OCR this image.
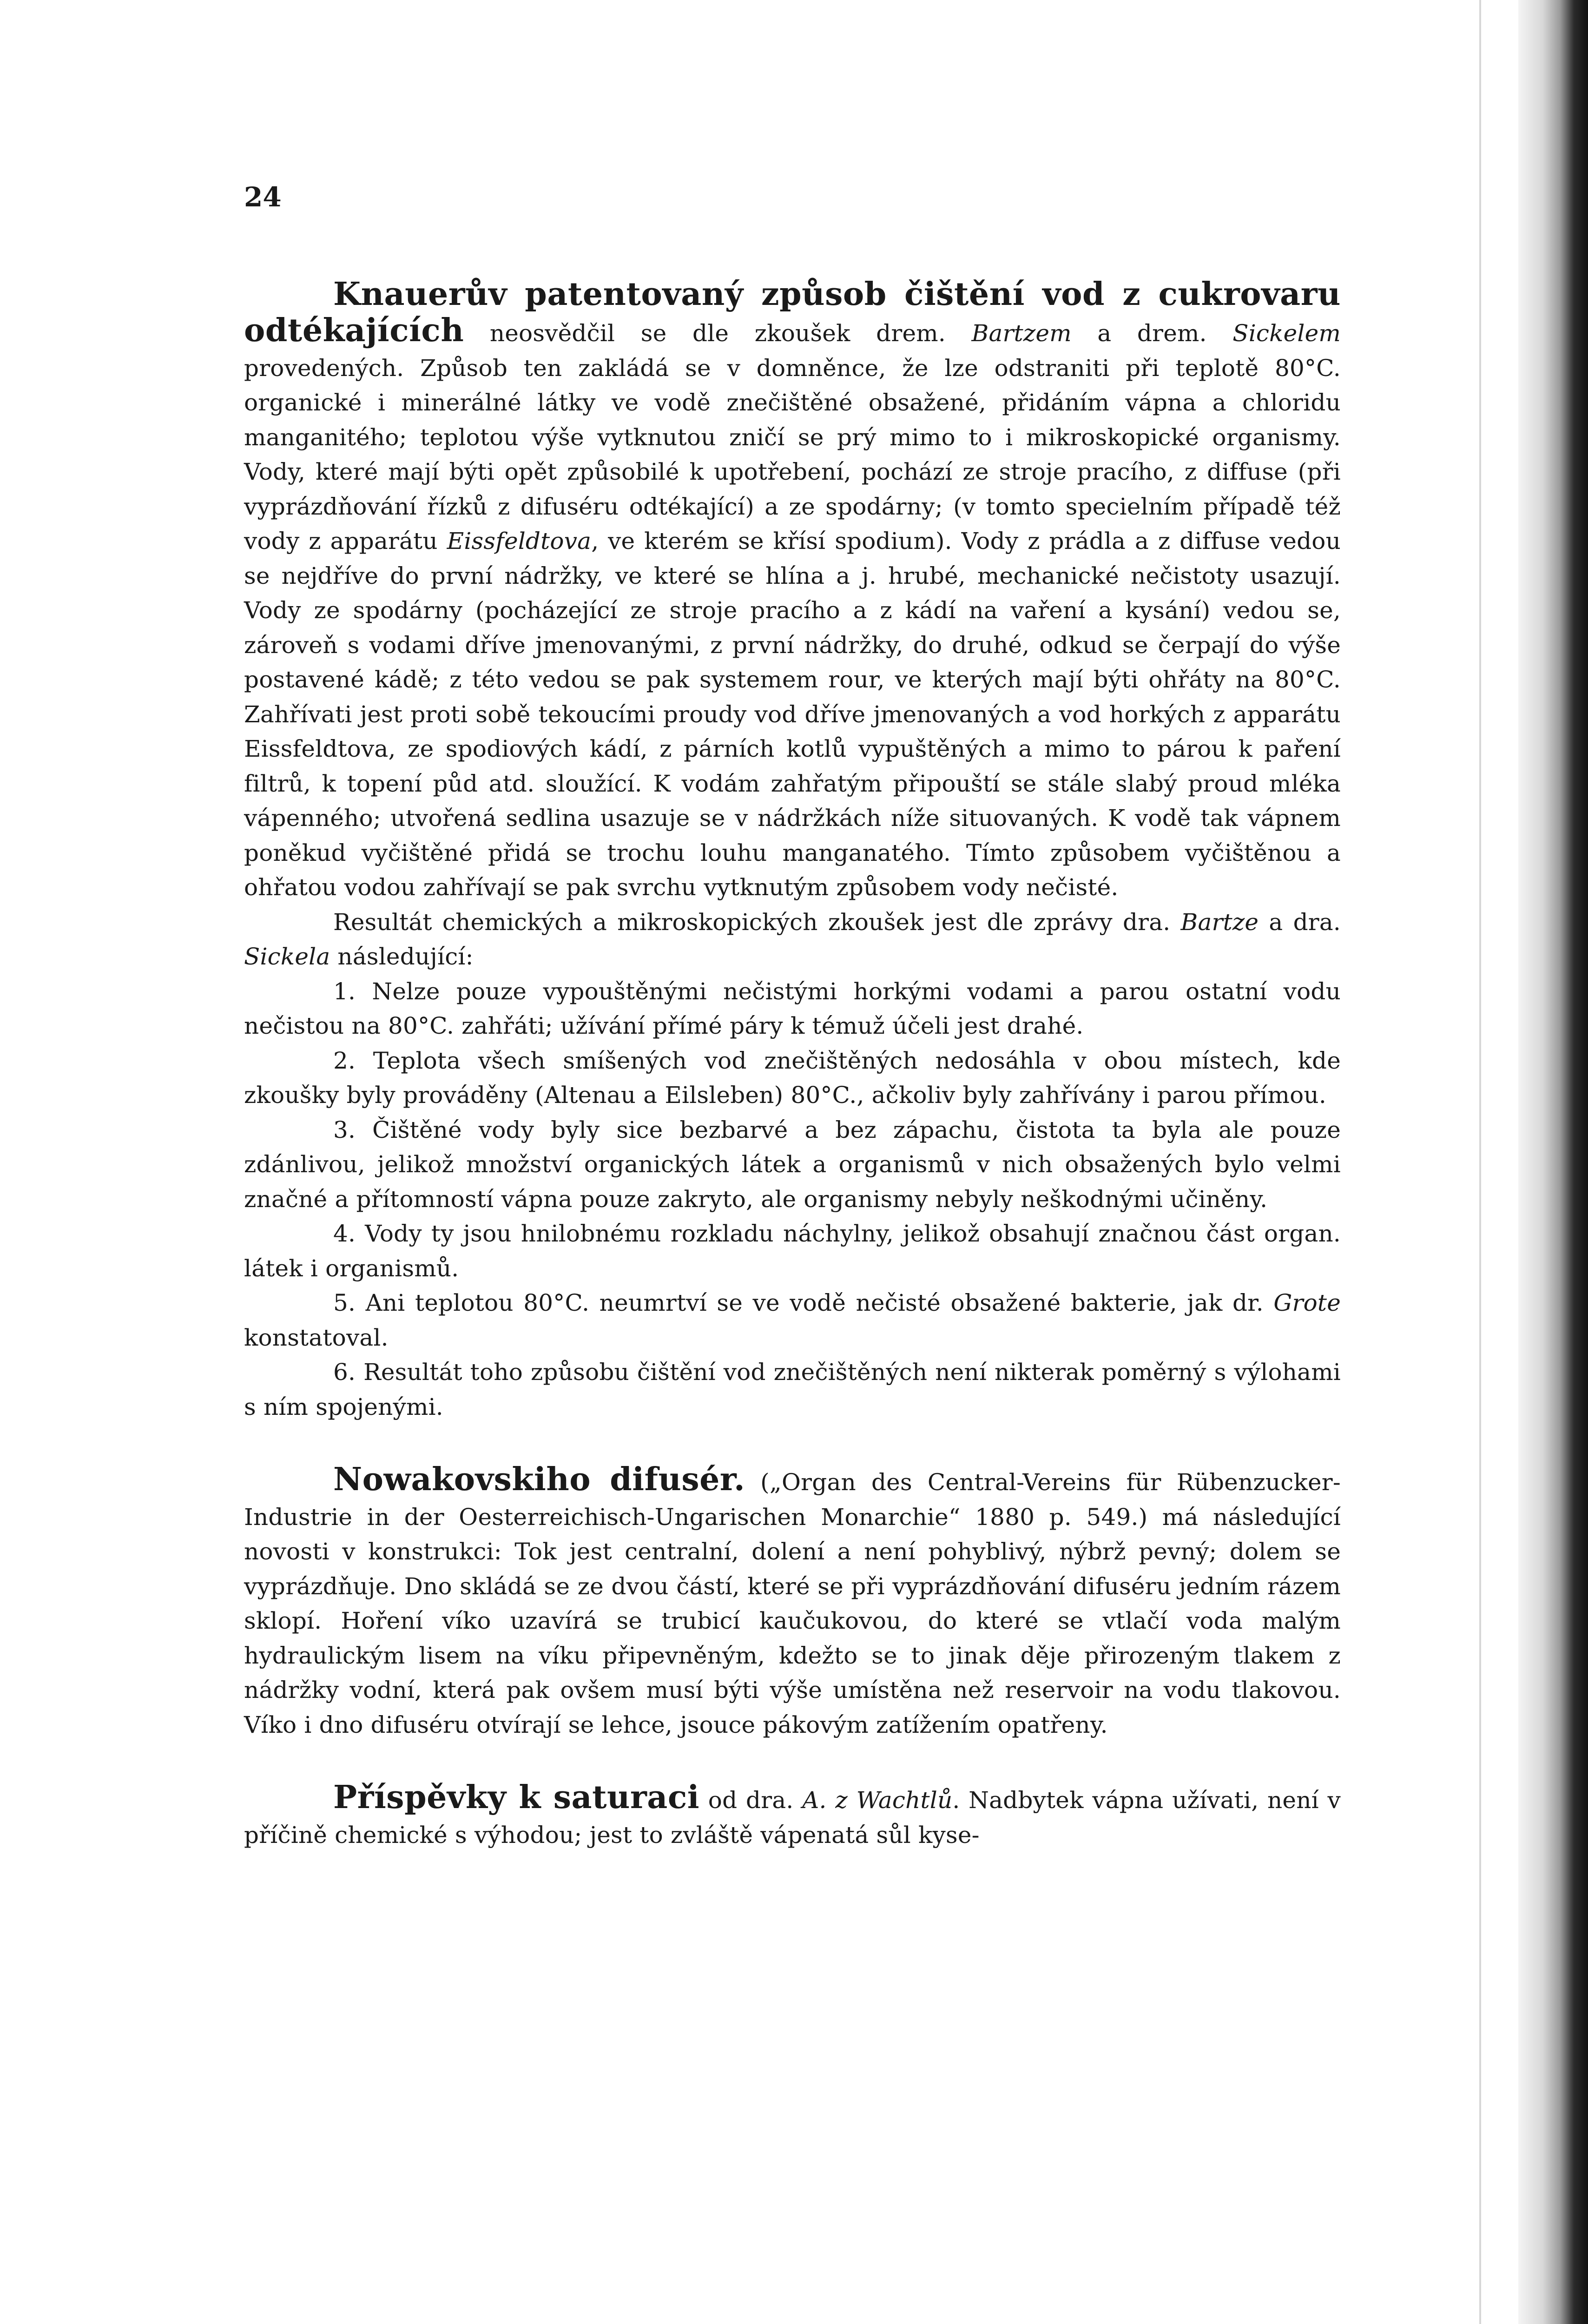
24

Knauerův patentovaný způsob čištění vod z cukrovaru

odtékajících neosvědčil se dle zkoušek drem. Bartzem a drem. Sickelem provedených. Způsob ten zakládá se v domněnce, že lze odstraniti při teplotě 80°C. organické i minerálné látky ve vodě znečištěné obsažené, přidáním vápna a chloridu manganitého; teplotou výše vytknutou zničí se prý mimo to i mikroskopické organismy. Vody, které mají býti opět způsobilé k upotřebení, pochází ze stroje pracího, z diffuse (při vyprázdňování řízků z difuséru odtékající) a ze spodárny; (v tomto specielním případě též vody z apparátu Eissfeldtova, ve kterém se křísí spodium). Vody z prádla a z diffuse vedou se nejdříve do první nádržky, ve které se hlína a j. hrubé, mechanické nečistoty usazují. Vody ze spodárny (pocházející ze stroje pracího a z kádí na vaření a kysání) vedou se, zároveň s vodami dříve jmenovanými, z první nádržky, do druhé, odkud se čerpají do výše postavené kádě; z této vedou se pak systemem rour, ve kterých mají býti ohřáty na 80°C. Zahřívati jest proti sobě tekoucími proudy vod dříve jmenovaných a vod horkých z apparátu Eissfeldtova, ze spodiových kádí, z párních kotlů vypuštěných a mimo to párou k paření filtrů, k topení půd atd. sloužící. K vodám zahřatým připouští se stále slabý proud mléka vápenného; utvořená sedlina usazuje se v nádržkách níže situovaných. K vodě tak vápnem poněkud vyčištěné přidá se trochu louhu manganatého. Tímto způsobem vyčištěnou a ohřatou vodou zahřívají se pak svrchu vytknutým způsobem vody nečisté.

Resultát chemických a mikroskopických zkoušek jest dle zprávy dra. Bartze a dra. Sickela následující:

1. Nelze pouze vypouštěnými nečistými horkými vodami a parou ostatní vodu nečistou na 80°C. zahřáti; užívání přímé páry k témuž účeli jest drahé.

2. Teplota všech smíšených vod znečištěných nedosáhla v obou místech, kde zkoušky byly prováděny (Altenau a Eilsleben) 80°C., ačkoliv byly zahřívány i parou přímou.

3. Čištěné vody byly sice bezbarvé a bez zápachu, čistota ta byla ale pouze zdánlivou, jelikož množství organických látek a organismů v nich obsažených bylo velmi značné a přítomností vápna pouze zakryto, ale organismy nebyly neškodnými učiněny.

4. Vody ty jsou hnilobnému rozkladu náchylny, jelikož obsahují značnou část organ. látek i organismů.

5. Ani teplotou 80°C. neumrtví se ve vodě nečisté obsažené bakterie, jak dr. Grote konstatoval.

6. Resultát toho způsobu čištění vod znečištěných není nikterak poměrný s výlohami s ním spojenými.

Nowakovskiho difusér. („Organ des Central-Vereins für Rübenzucker-Industrie in der Oesterreichisch-Ungarischen Monarchie“ 1880 p. 549.) má následující novosti v konstrukci: Tok jest centralní, dolení a není pohyblivý, nýbrž pevný; dolem se vyprázdňuje. Dno skládá se ze dvou částí, které se při vyprázdňování difuséru jedním rázem sklopí. Hoření víko uzavírá se trubicí kaučukovou, do které se vtlačí voda malým hydraulickým lisem na víku připevněným, kdežto se to jinak děje přirozeným tlakem z nádržky vodní, která pak ovšem musí býti výše umístěna než reservoir na vodu tlakovou. Víko i dno difuséru otvírají se lehce, jsouce pákovým zatížením opatřeny.

Příspěvky k saturaci od dra. A. z Wachtlů. Nadbytek vápna užívati, není v příčině chemické s výhodou; jest to zvláště vápenatá sůl kyse-
